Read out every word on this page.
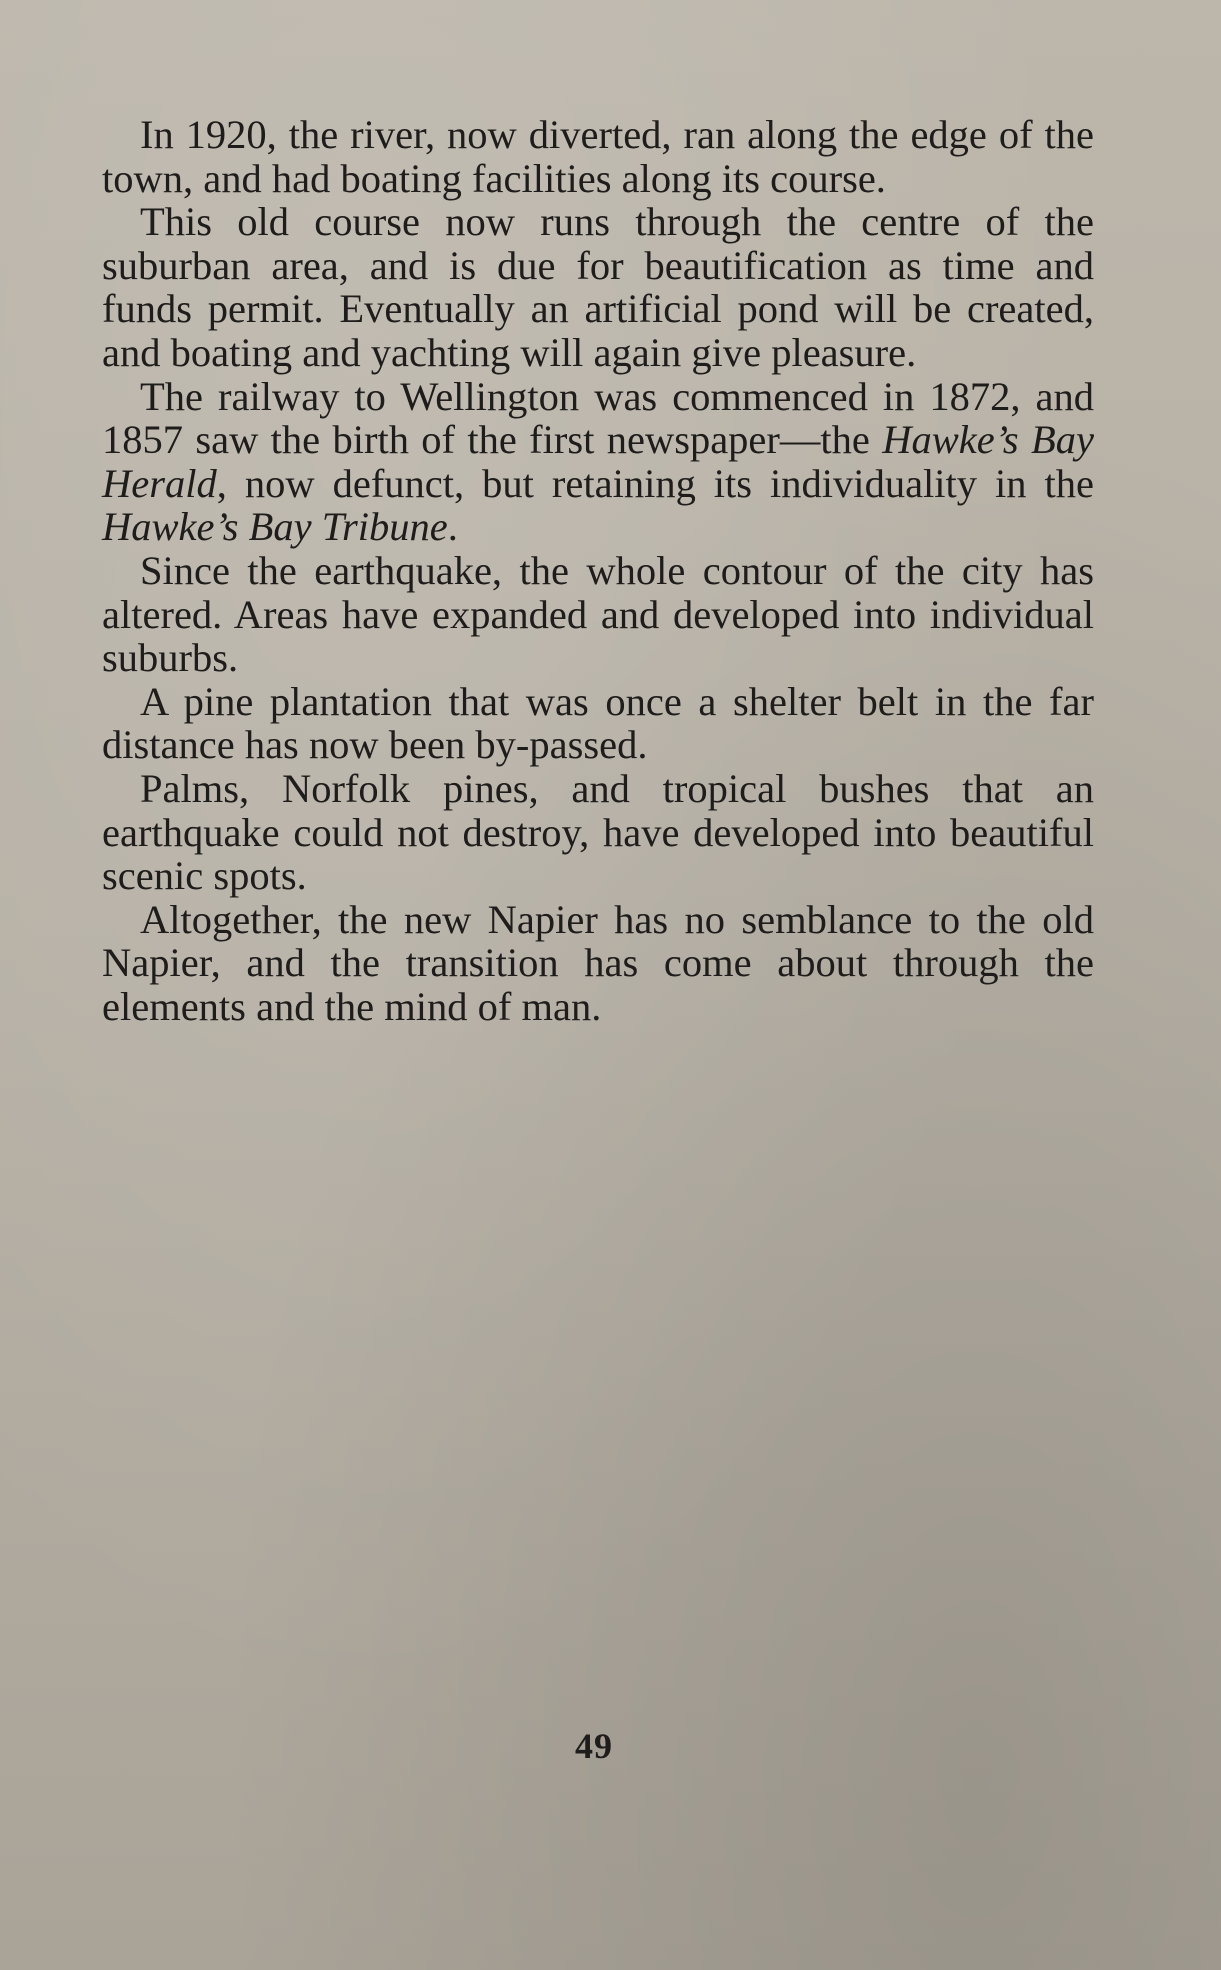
In 1920, the river, now diverted, ran along the edge of the town, and had boating facilities along its course.

This old course now runs through the centre of the suburban area, and is due for beautification as time and funds permit. Eventually an artificial pond will be created, and boating and yachting will again give pleasure.

The railway to Wellington was commenced in 1872, and 1857 saw the birth of the first newspaper—the Hawke’s Bay Herald, now defunct, but retaining its individuality in the Hawke’s Bay Tribune.

Since the earthquake, the whole contour of the city has altered. Areas have expanded and developed into individual suburbs.

A pine plantation that was once a shelter belt in the far distance has now been by-passed.

Palms, Norfolk pines, and tropical bushes that an earthquake could not destroy, have developed into beautiful scenic spots.

Altogether, the new Napier has no semblance to the old Napier, and the transition has come about through the elements and the mind of man.

49
